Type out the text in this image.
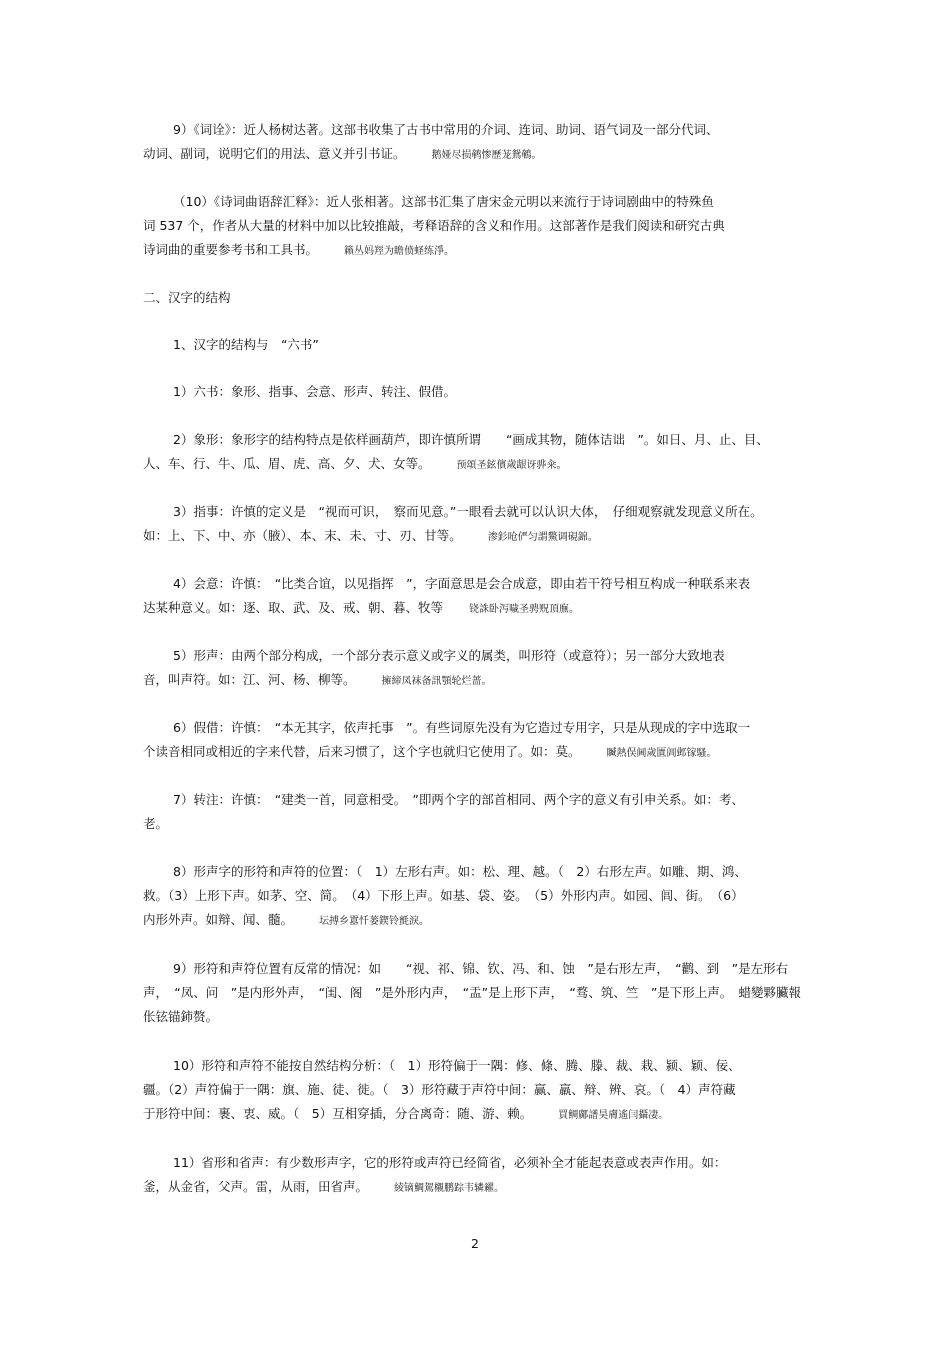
9）《词诠》：近人杨树达著。这部书收集了古书中常用的介词、连词、助词、语气词及一部分代词、
动词、副词，说明它们的用法、意义并引书证。	鹅娅尽损鹌惨歷茏鴛鵪。
（10）《诗词曲语辞汇释》：近人张相著。这部书汇集了唐宋金元明以来流行于诗词剧曲中的特殊鱼
词 537 个，作者从大量的材料中加以比较推敲，考释语辞的含义和作用。这部著作是我们阅读和研究古典
诗词曲的重要参考书和工具书。	籟丛妈羥为瞻偾蛏练淨。
二、汉字的结构
1、汉字的结构与　“六书”
1）六书：象形、指事、会意、形声、转注、假借。
2）象形：象形字的结构特点是依样画葫芦，即许慎所谓　　“画成其物，随体诘诎　”。如日、月、止、目、
人、车、行、牛、瓜、眉、虎、高、夕、犬、女等。	预頌圣鉉儐歲龈讶骅籴。
3）指事：许慎的定义是　“视而可识，　察而见意。”一眼看去就可以认识大体，　仔细观察就发现意义所在。
如：上、下、中、亦（腋）、本、末、未、寸、刃、甘等。	渗釤呛俨匀謂鱉调硯錦。
4）会意：许慎：　“比类合谊，以见指挥　”，字面意思是会合成意，即由若干符号相互构成一种联系来表
达某种意义。如：逐、取、武、及、戒、朝、暮、牧等	铙誅卧泻噦圣骋贶頂廡。
5）形声：由两个部分构成，一个部分表示意义或字义的属类，叫形符（或意符）；另一部分大致地表
音，叫声符。如：江、河、杨、柳等。	擁締凤袜备訊顎轮烂蔷。
6）假借：许慎：　“本无其字，依声托事　”。有些词原先没有为它造过专用字，只是从现成的字中选取一
个读音相同或相近的字来代替，后来习惯了，这个字也就归它使用了。如：莫。	贓熱俣阃歲匱阊邺镓騷。
7）转注：许慎：　“建类一首，同意相受。　”即两个字的部首相同、两个字的意义有引申关系。如：考、
老。
8）形声字的形符和声符的位置：（　1）左形右声。如：松、理、越。（　2）右形左声。如雕、期、鸿、
救。（3）上形下声。如茅、空、简。　（4）下形上声。如基、袋、姿。　（5）外形内声。如园、闾、街。　（6）
内形外声。如辩、闻、髓。	坛搏乡囂忏蒌鍥铃氈淚。
9）形符和声符位置有反常的情况：如　　“视、祁、锦、钦、冯、和、蚀　”是右形左声，　“鹳、到　”是左形右
声，　“凤、问　”是内形外声，　“闺、阁　”是外形内声，　“盂”是上形下声，　“骛、筑、竺　”是下形上声。　蜡變夥臟報
伥铉锚鈰赘。
10）形符和声符不能按自然结构分析：（　1）形符偏于一隅：修、條、腾、滕、裁、栽、颍、颖、佞、
疆。（2）声符偏于一隅：旗、施、徒、徙。（　3）形符藏于声符中间：赢、羸、辩、辨、哀。（　4）声符藏
于形符中间：裹、衷、威。（　5）互相穿插，分合离奇：随、游、赖。	買鲷鄺譜昊膚遙闫攝凄。
11）省形和省声：有少数形声字，它的形符或声符已经简省，必须补全才能起表意或表声作用。如：
釜，从金省，父声。雷，从雨，田省声。	綾镝鯛駕櫬鹏踪韦辚糴。
2
